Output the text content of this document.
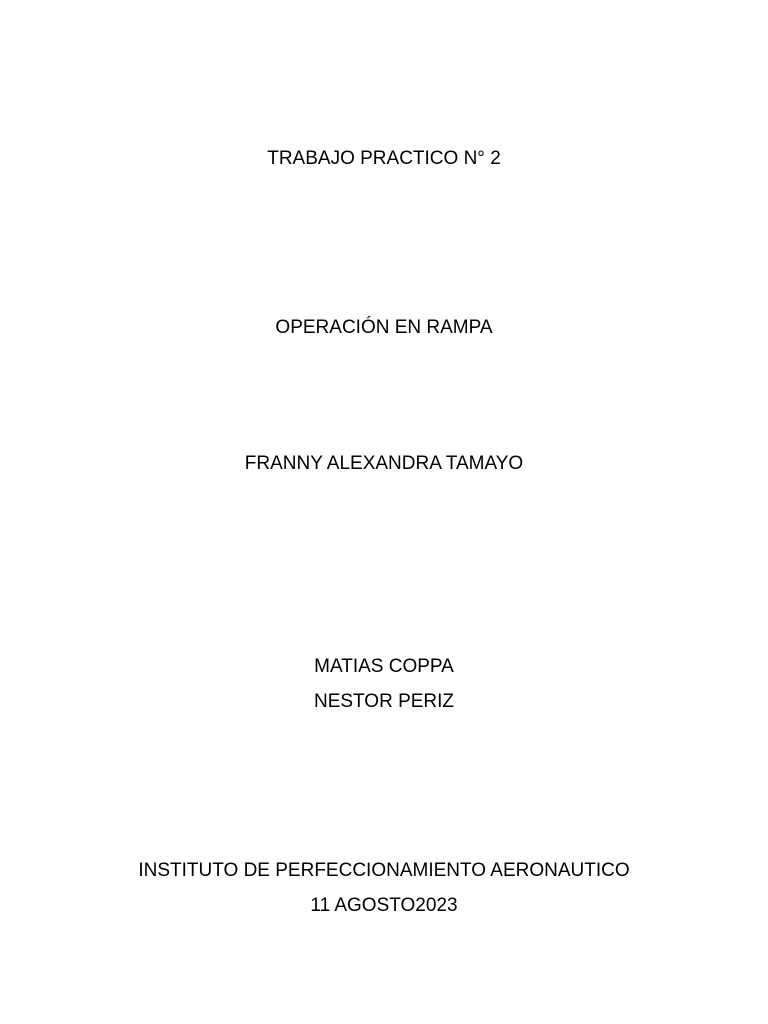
TRABAJO PRACTICO N° 2
OPERACIÓN EN RAMPA
FRANNY ALEXANDRA TAMAYO
MATIAS COPPA
NESTOR PERIZ
INSTITUTO DE PERFECCIONAMIENTO AERONAUTICO
11 AGOSTO2023
